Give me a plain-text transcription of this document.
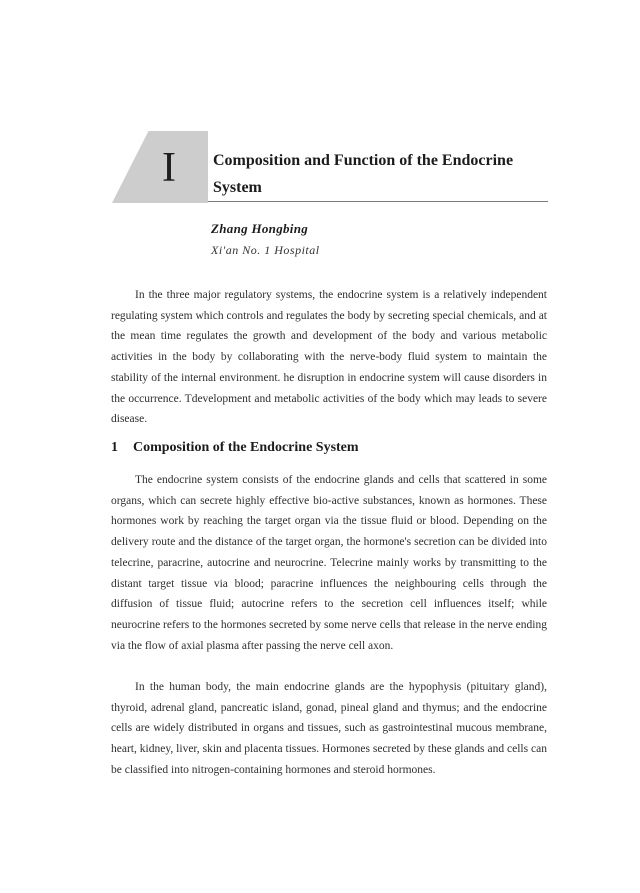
I	Composition and Function of the Endocrine System
Zhang Hongbing
Xi'an No. 1 Hospital

In the three major regulatory systems, the endocrine system is a relatively independent regulating system which controls and regulates the body by secreting special chemicals, and at the mean time regulates the growth and development of the body and various metabolic activities in the body by collaborating with the nerve-body fluid system to maintain the stability of the internal environment. he disruption in endocrine system will cause disorders in the occurrence. Tdevelopment and metabolic activities of the body which may leads to severe disease.

1 Composition of the Endocrine System

The endocrine system consists of the endocrine glands and cells that scattered in some organs, which can secrete highly effective bio-active substances, known as hormones. These hormones work by reaching the target organ via the tissue fluid or blood. Depending on the delivery route and the distance of the target organ, the hormone's secretion can be divided into telecrine, paracrine, autocrine and neurocrine. Telecrine mainly works by transmitting to the distant target tissue via blood; paracrine influences the neighbouring cells through the diffusion of tissue fluid; autocrine refers to the secretion cell influences itself; while neurocrine refers to the hormones secreted by some nerve cells that release in the nerve ending via the flow of axial plasma after passing the nerve cell axon.

In the human body, the main endocrine glands are the hypophysis (pituitary gland), thyroid, adrenal gland, pancreatic island, gonad, pineal gland and thymus; and the endocrine cells are widely distributed in organs and tissues, such as gastrointestinal mucous membrane, heart, kidney, liver, skin and placenta tissues. Hormones secreted by these glands and cells can be classified into nitrogen-containing hormones and steroid hormones.
